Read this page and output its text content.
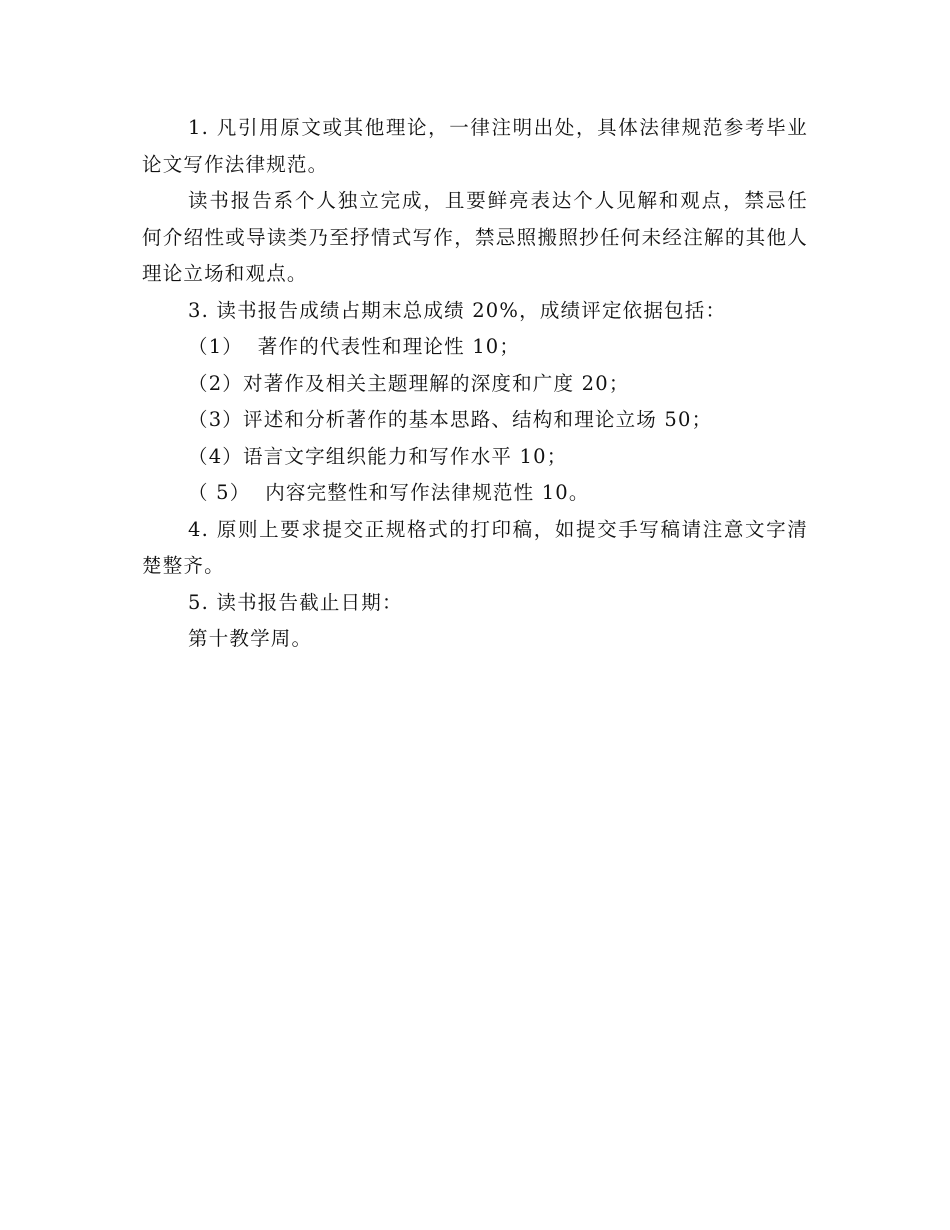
1. 凡引用原文或其他理论，一律注明出处，具体法律规范参考毕业论文写作法律规范。

读书报告系个人独立完成，且要鲜亮表达个人见解和观点，禁忌任何介绍性或导读类乃至抒情式写作，禁忌照搬照抄任何未经注解的其他人理论立场和观点。

3. 读书报告成绩占期末总成绩 20%，成绩评定依据包括：

（1）  著作的代表性和理论性 10；

（2）对著作及相关主题理解的深度和广度 20；

（3）评述和分析著作的基本思路、结构和理论立场 50；

（4）语言文字组织能力和写作水平 10；

（ 5）  内容完整性和写作法律规范性 10。

4. 原则上要求提交正规格式的打印稿，如提交手写稿请注意文字清楚整齐。

5. 读书报告截止日期：

第十教学周。
